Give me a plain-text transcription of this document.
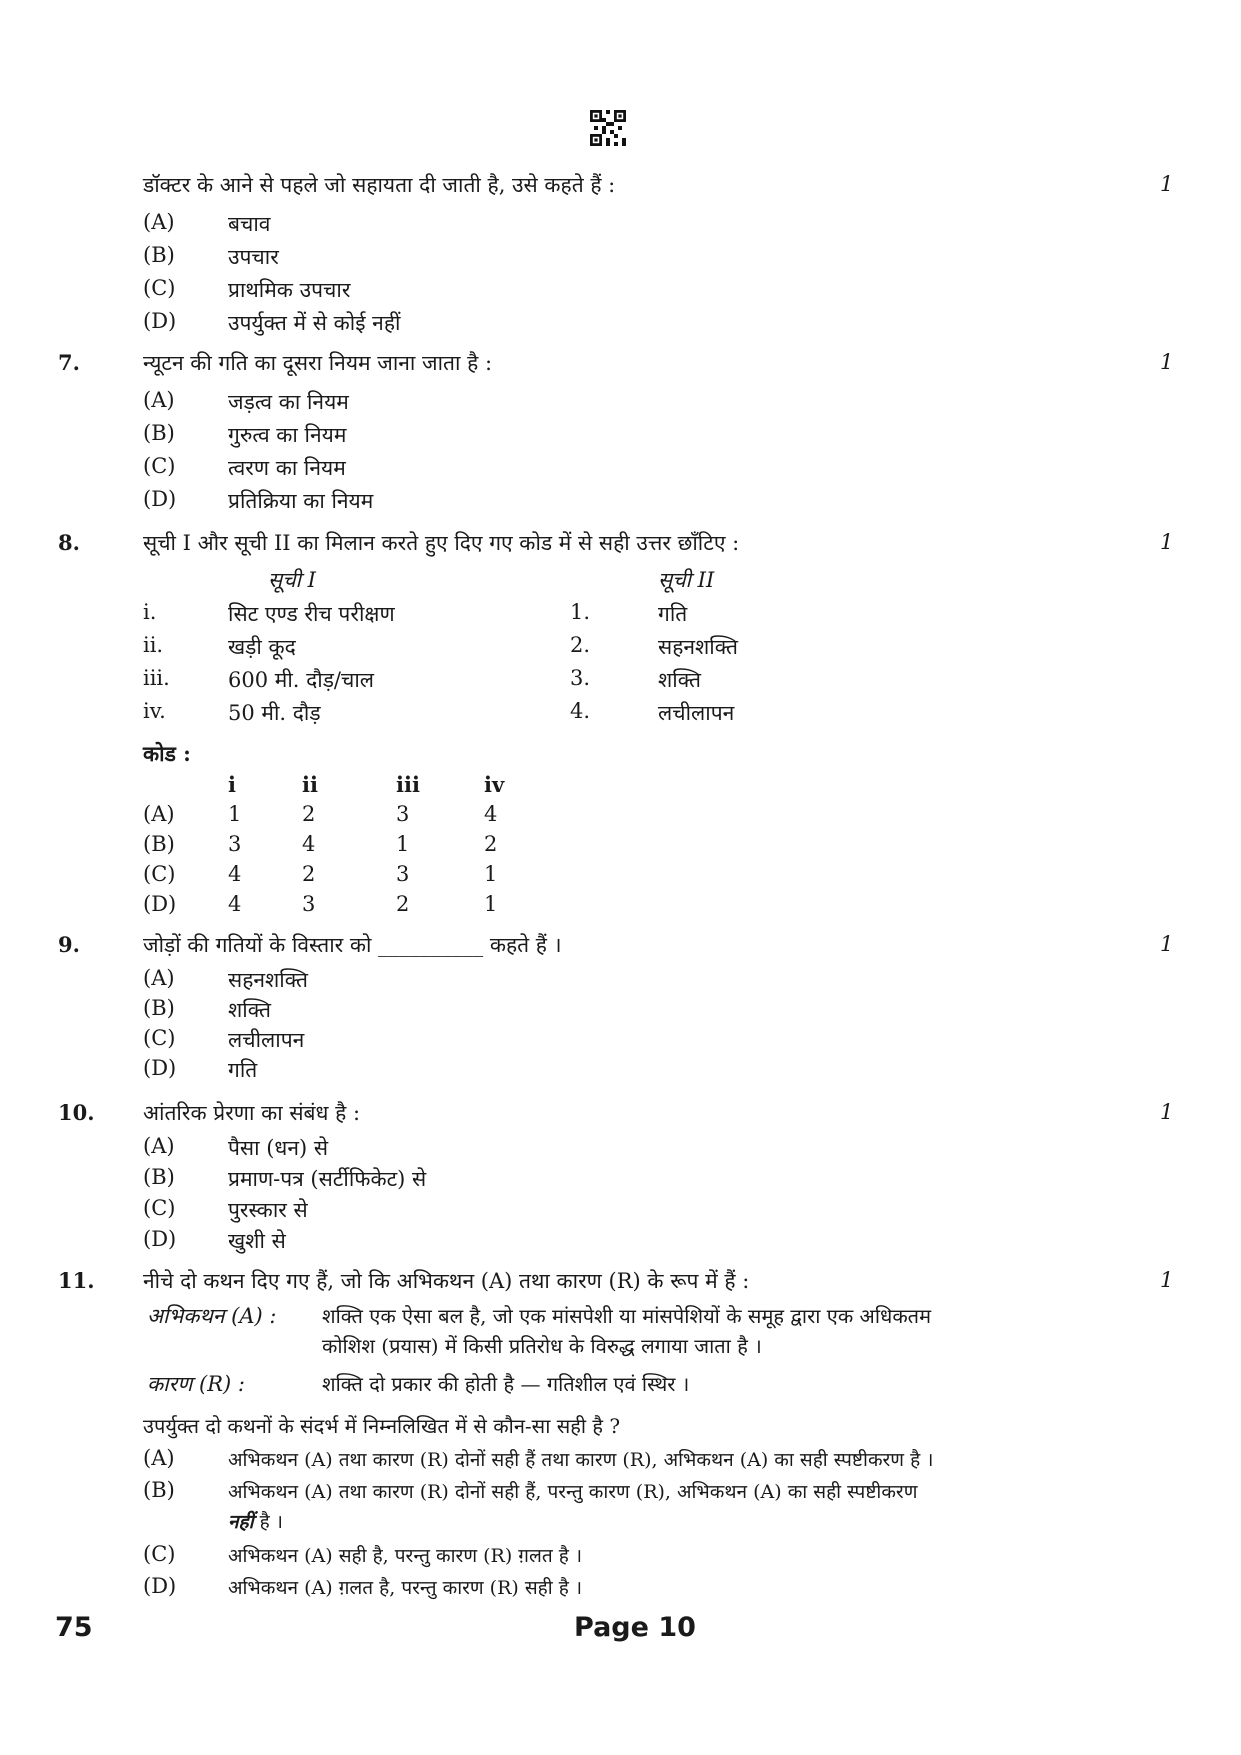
डॉक्टर के आने से पहले जो सहायता दी जाती है, उसे कहते हैं :	1
(A)	बचाव
(B)	उपचार
(C)	प्राथमिक उपचार
(D) उपर्युक्त में से कोई नहीं
7.	न्यूटन की गति का दूसरा नियम जाना जाता है :	1
(A)	जड़त्व का नियम
(B)	गुरुत्व का नियम
(C)	त्वरण का नियम
(D) प्रतिक्रिया का नियम
8.	सूची I और सूची II का मिलान करते हुए दिए गए कोड में से सही उत्तर छाँटिए :	1
सूची I	सूची II
i.	सिट एण्ड रीच परीक्षण	1.	गति
ii.	खड़ी कूद	2.	सहनशक्ति
iii.	600 मी. दौड़/चाल	3.	शक्ति
iv.	50 मी. दौड़	4.	लचीलापन
कोड :
i	ii	iii	iv
(A)	1	2	3	4
(B)	3	4	1	2
(C)	4	2	3	1
(D) 4	3	2	1
9.	जोड़ों की गतियों के विस्तार को __________ कहते हैं ।	1
(A)	सहनशक्ति
(B)	शक्ति
(C)	लचीलापन
(D) गति
10. आंतरिक प्रेरणा का संबंध है :	1
(A)	पैसा (धन) से
(B)	प्रमाण-पत्र (सर्टीफिकेट) से
(C)	पुरस्कार से
(D) खुशी से
11. नीचे दो कथन दिए गए हैं, जो कि अभिकथन (A) तथा कारण (R) के रूप में हैं :	1
अभिकथन (A) : शक्ति एक ऐसा बल है, जो एक मांसपेशी या मांसपेशियों के समूह द्वारा एक अधिकतम
कोशिश (प्रयास) में किसी प्रतिरोध के विरुद्ध लगाया जाता है ।
कारण (R) :	शक्ति दो प्रकार की होती है — गतिशील एवं स्थिर ।
उपर्युक्त दो कथनों के संदर्भ में निम्नलिखित में से कौन-सा सही है ?
(A)	अभिकथन (A) तथा कारण (R) दोनों सही हैं तथा कारण (R), अभिकथन (A) का सही स्पष्टीकरण है ।
(B)	अभिकथन (A) तथा कारण (R) दोनों सही हैं, परन्तु कारण (R), अभिकथन (A) का सही स्पष्टीकरण
नहीं है ।
(C)	अभिकथन (A) सही है, परन्तु कारण (R) ग़लत है ।
(D)	अभिकथन (A) ग़लत है, परन्तु कारण (R) सही है ।
75	Page 10
